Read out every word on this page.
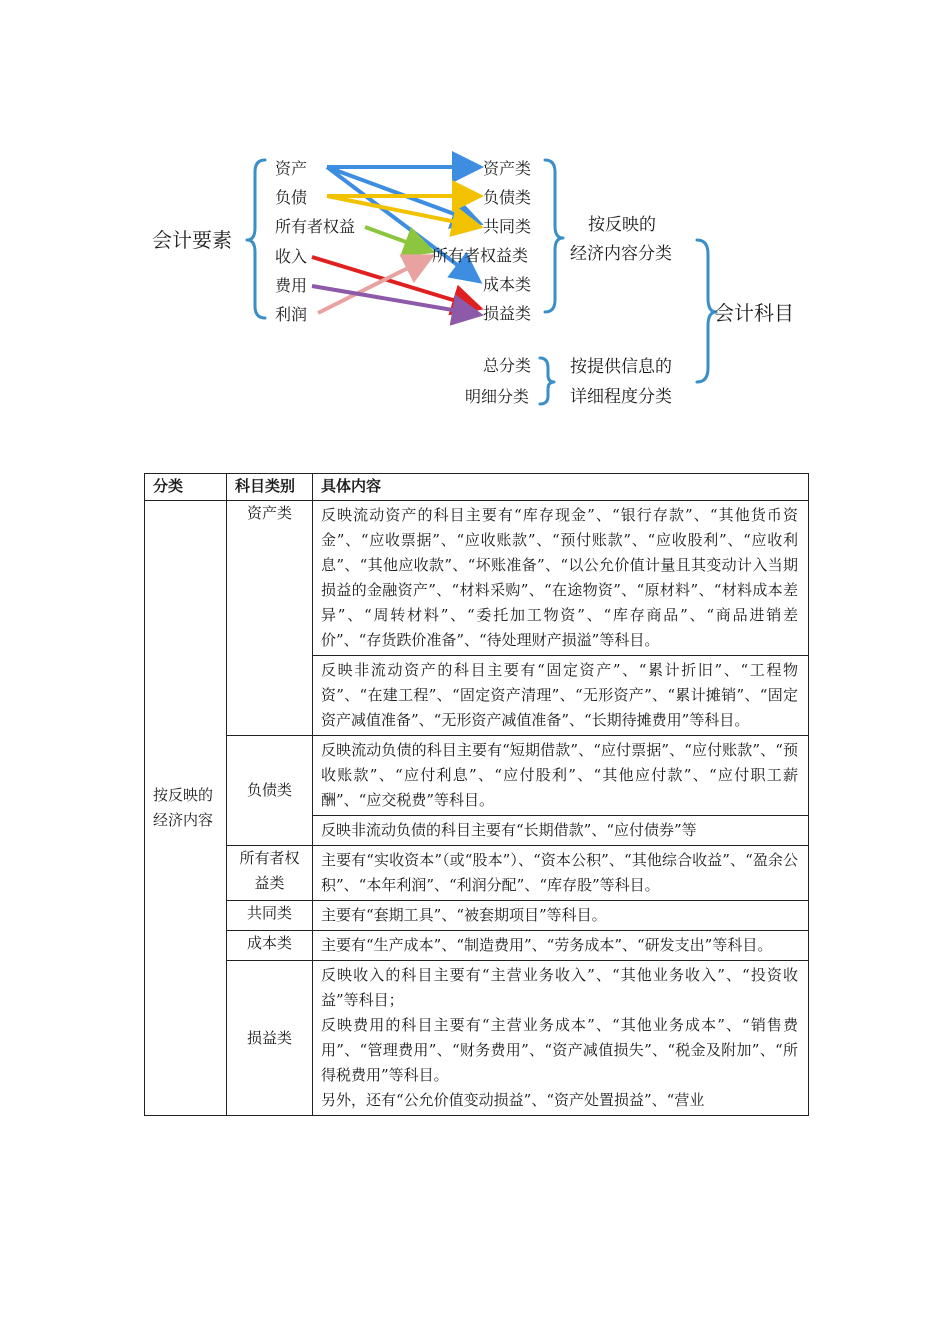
会计要素
资产
负债
所有者权益
收入
费用
利润
资产类
负债类
共同类
所有者权益类
成本类
损益类
按反映的
经济内容分类
总分类
明细分类
按提供信息的
详细程度分类
会计科目
分类	科目类别	具体内容
按反映的经济内容	资产类	反映流动资产的科目主要有“库存现金”、“银行存款”、“其他货币资金”、“应收票据”、“应收账款”、“预付账款”、“应收股利”、“应收利息”、“其他应收款”、“坏账准备”、“以公允价值计量且其变动计入当期损益的金融资产”、“材料采购”、“在途物资”、“原材料”、“材料成本差异”、“周转材料”、“委托加工物资”、“库存商品”、“商品进销差价”、“存货跌价准备”、“待处理财产损溢”等科目。
		反映非流动资产的科目主要有“固定资产”、“累计折旧”、“工程物资”、“在建工程”、“固定资产清理”、“无形资产”、“累计摊销”、“固定资产减值准备”、“无形资产减值准备”、“长期待摊费用”等科目。
	负债类	反映流动负债的科目主要有“短期借款”、“应付票据”、“应付账款”、“预收账款”、“应付利息”、“应付股利”、“其他应付款”、“应付职工薪酬”、“应交税费”等科目。
		反映非流动负债的科目主要有“长期借款”、“应付债券”等
	所有者权益类	主要有“实收资本”（或“股本”）、“资本公积”、“其他综合收益”、“盈余公积”、“本年利润”、“利润分配”、“库存股”等科目。
	共同类	主要有“套期工具”、“被套期项目”等科目。
	成本类	主要有“生产成本”、“制造费用”、“劳务成本”、“研发支出”等科目。
	损益类	反映收入的科目主要有“主营业务收入”、“其他业务收入”、“投资收益”等科目；
反映费用的科目主要有“主营业务成本”、“其他业务成本”、“销售费用”、“管理费用”、“财务费用”、“资产减值损失”、“税金及附加”、“所得税费用”等科目。
另外，还有“公允价值变动损益”、“资产处置损益”、“营业
